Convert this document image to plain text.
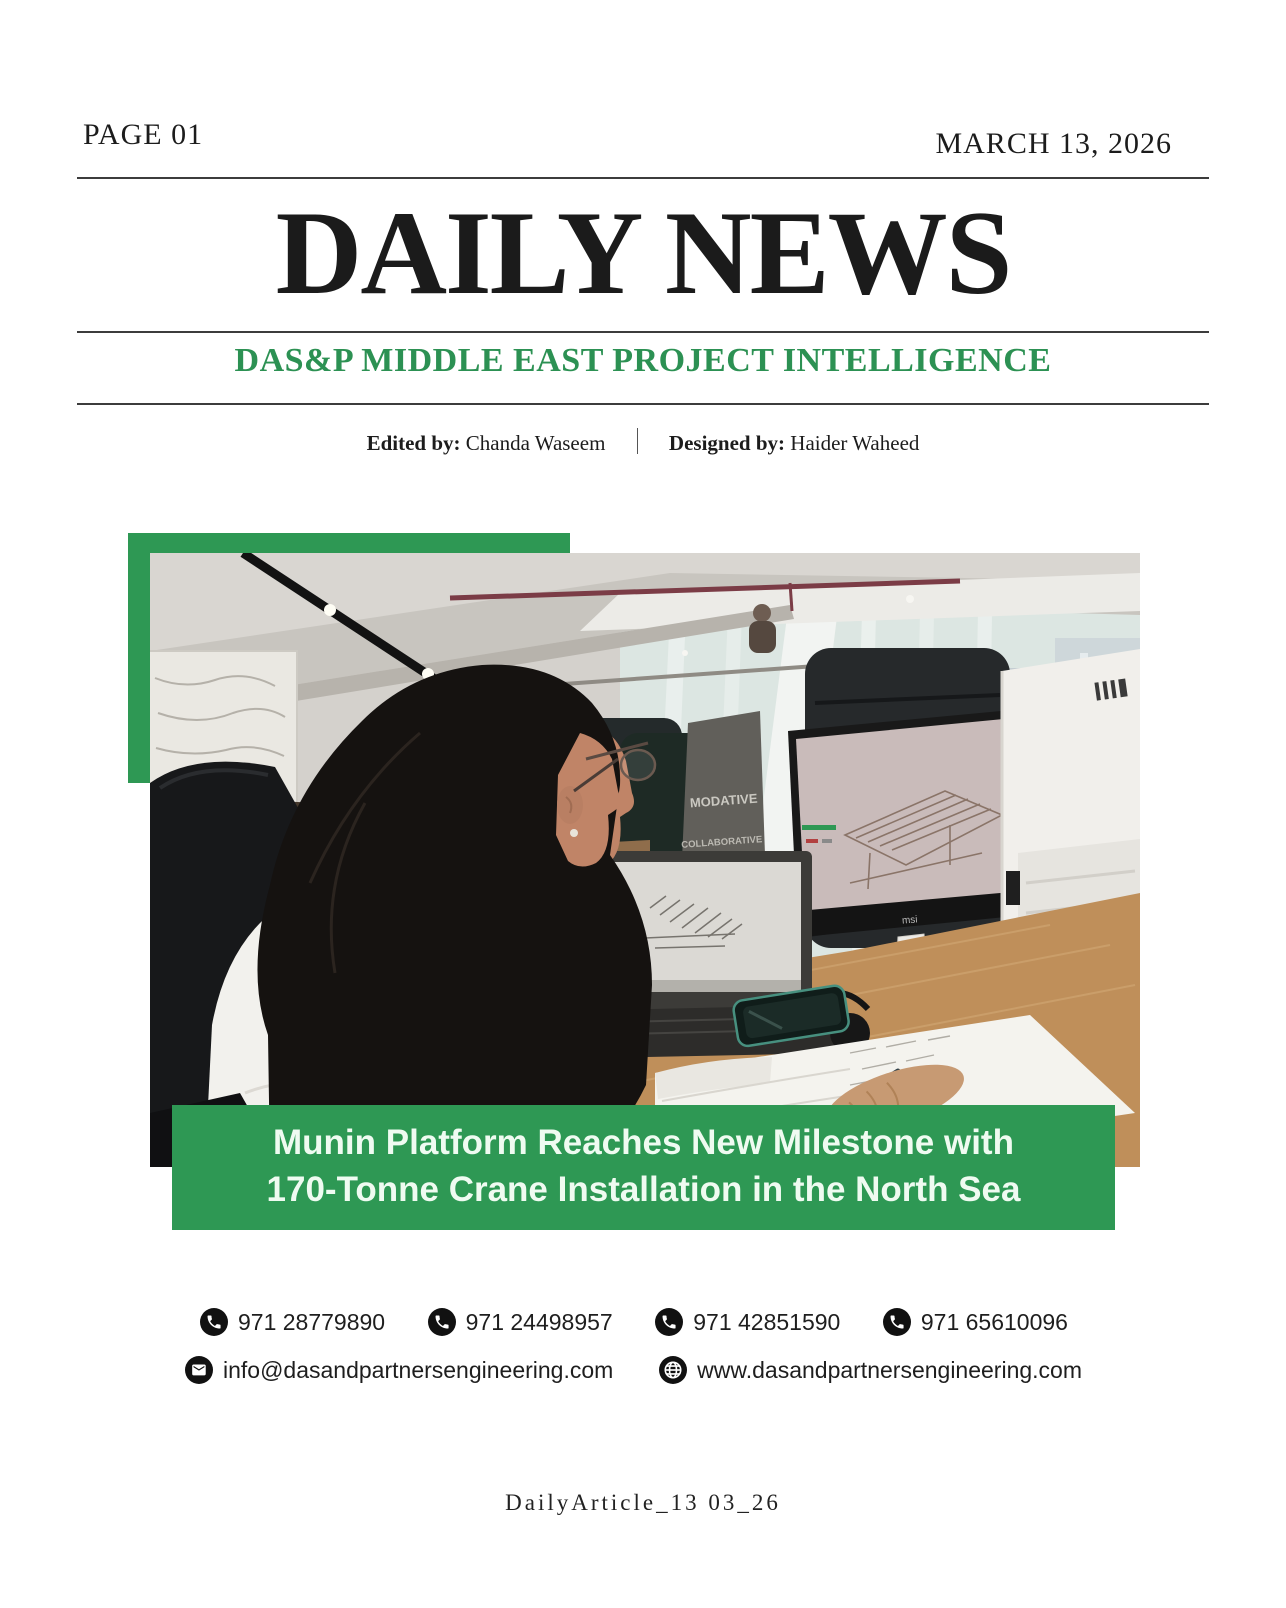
PAGE 01	MARCH 13, 2026
DAILY NEWS
DAS&P MIDDLE EAST PROJECT INTELLIGENCE
Edited by: Chanda Waseem	Designed by: Haider Waheed
MODATIVE
COLLABORATIVE
msi
Munin Platform Reaches New Milestone with
170-Tonne Crane Installation in the North Sea
971 28779890	971 24498957	971 42851590	971 65610096
info@dasandpartnersengineering.com	www.dasandpartnersengineering.com
DailyArticle_13 03_26
